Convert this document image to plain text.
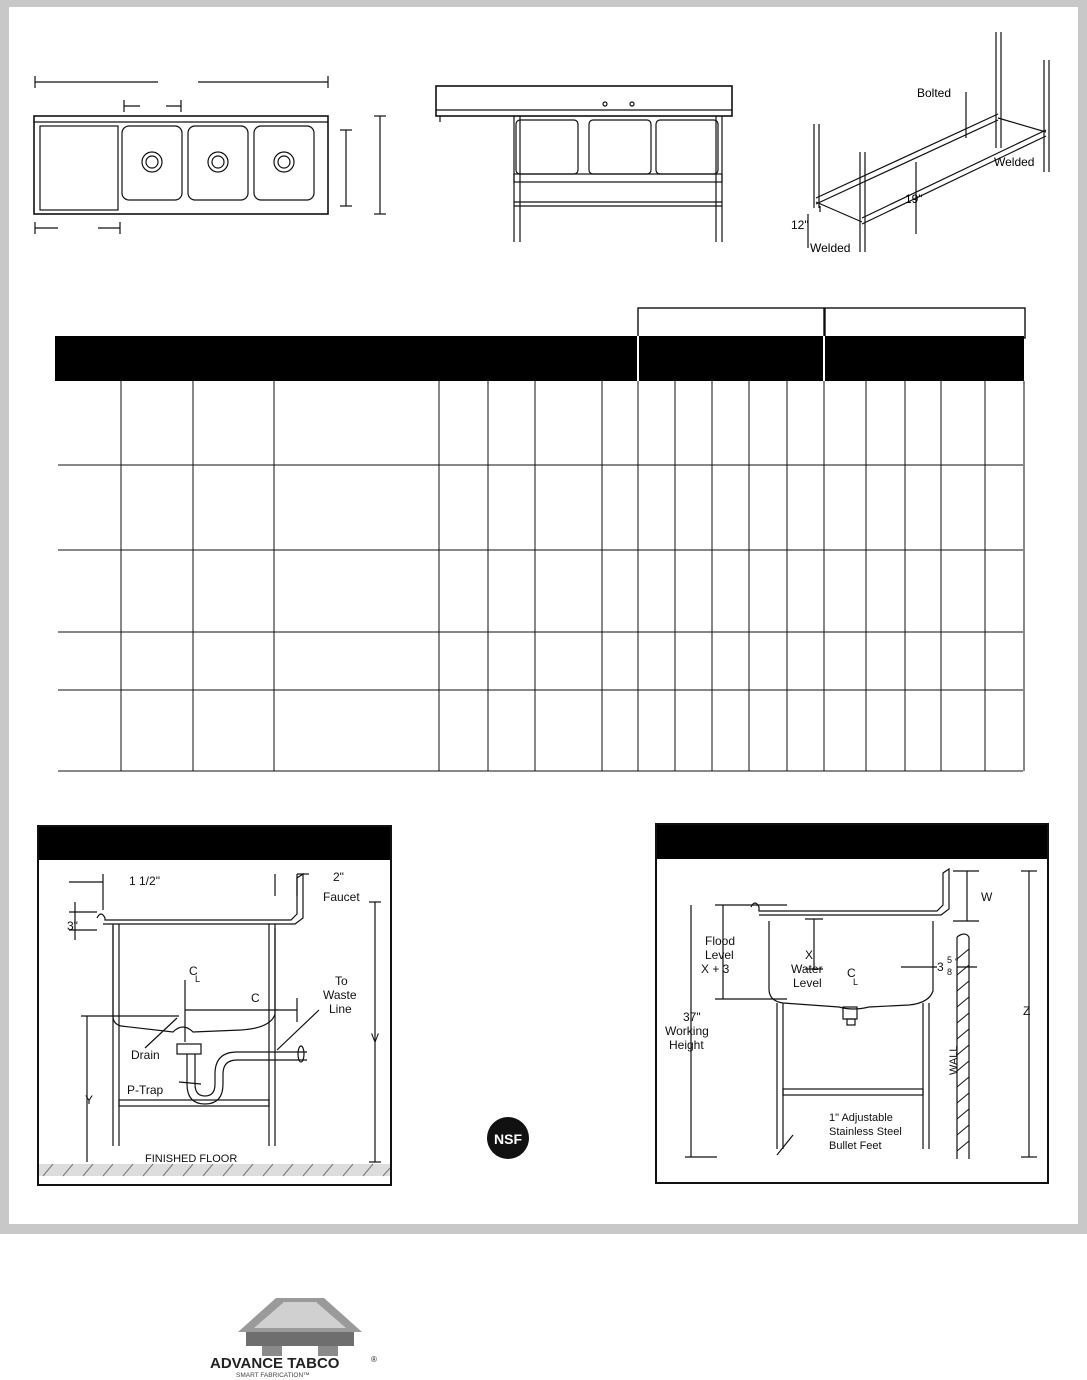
Bolted
Welded
19"
12"
Welded
1 1/2"	2"
Faucet
3"
C
L
C
To
Waste
Line
Drain
P-Trap
Y
V
FINISHED FLOOR
NSF
W
Flood
Level
X + 3
X
Water
Level
C
L
3 5
8
"
37"
Working
Height
WALL
Z
1" Adjustable
Stainless Steel
Bullet Feet
ADVANCE TABCO	®
SMART FABRICATION™
